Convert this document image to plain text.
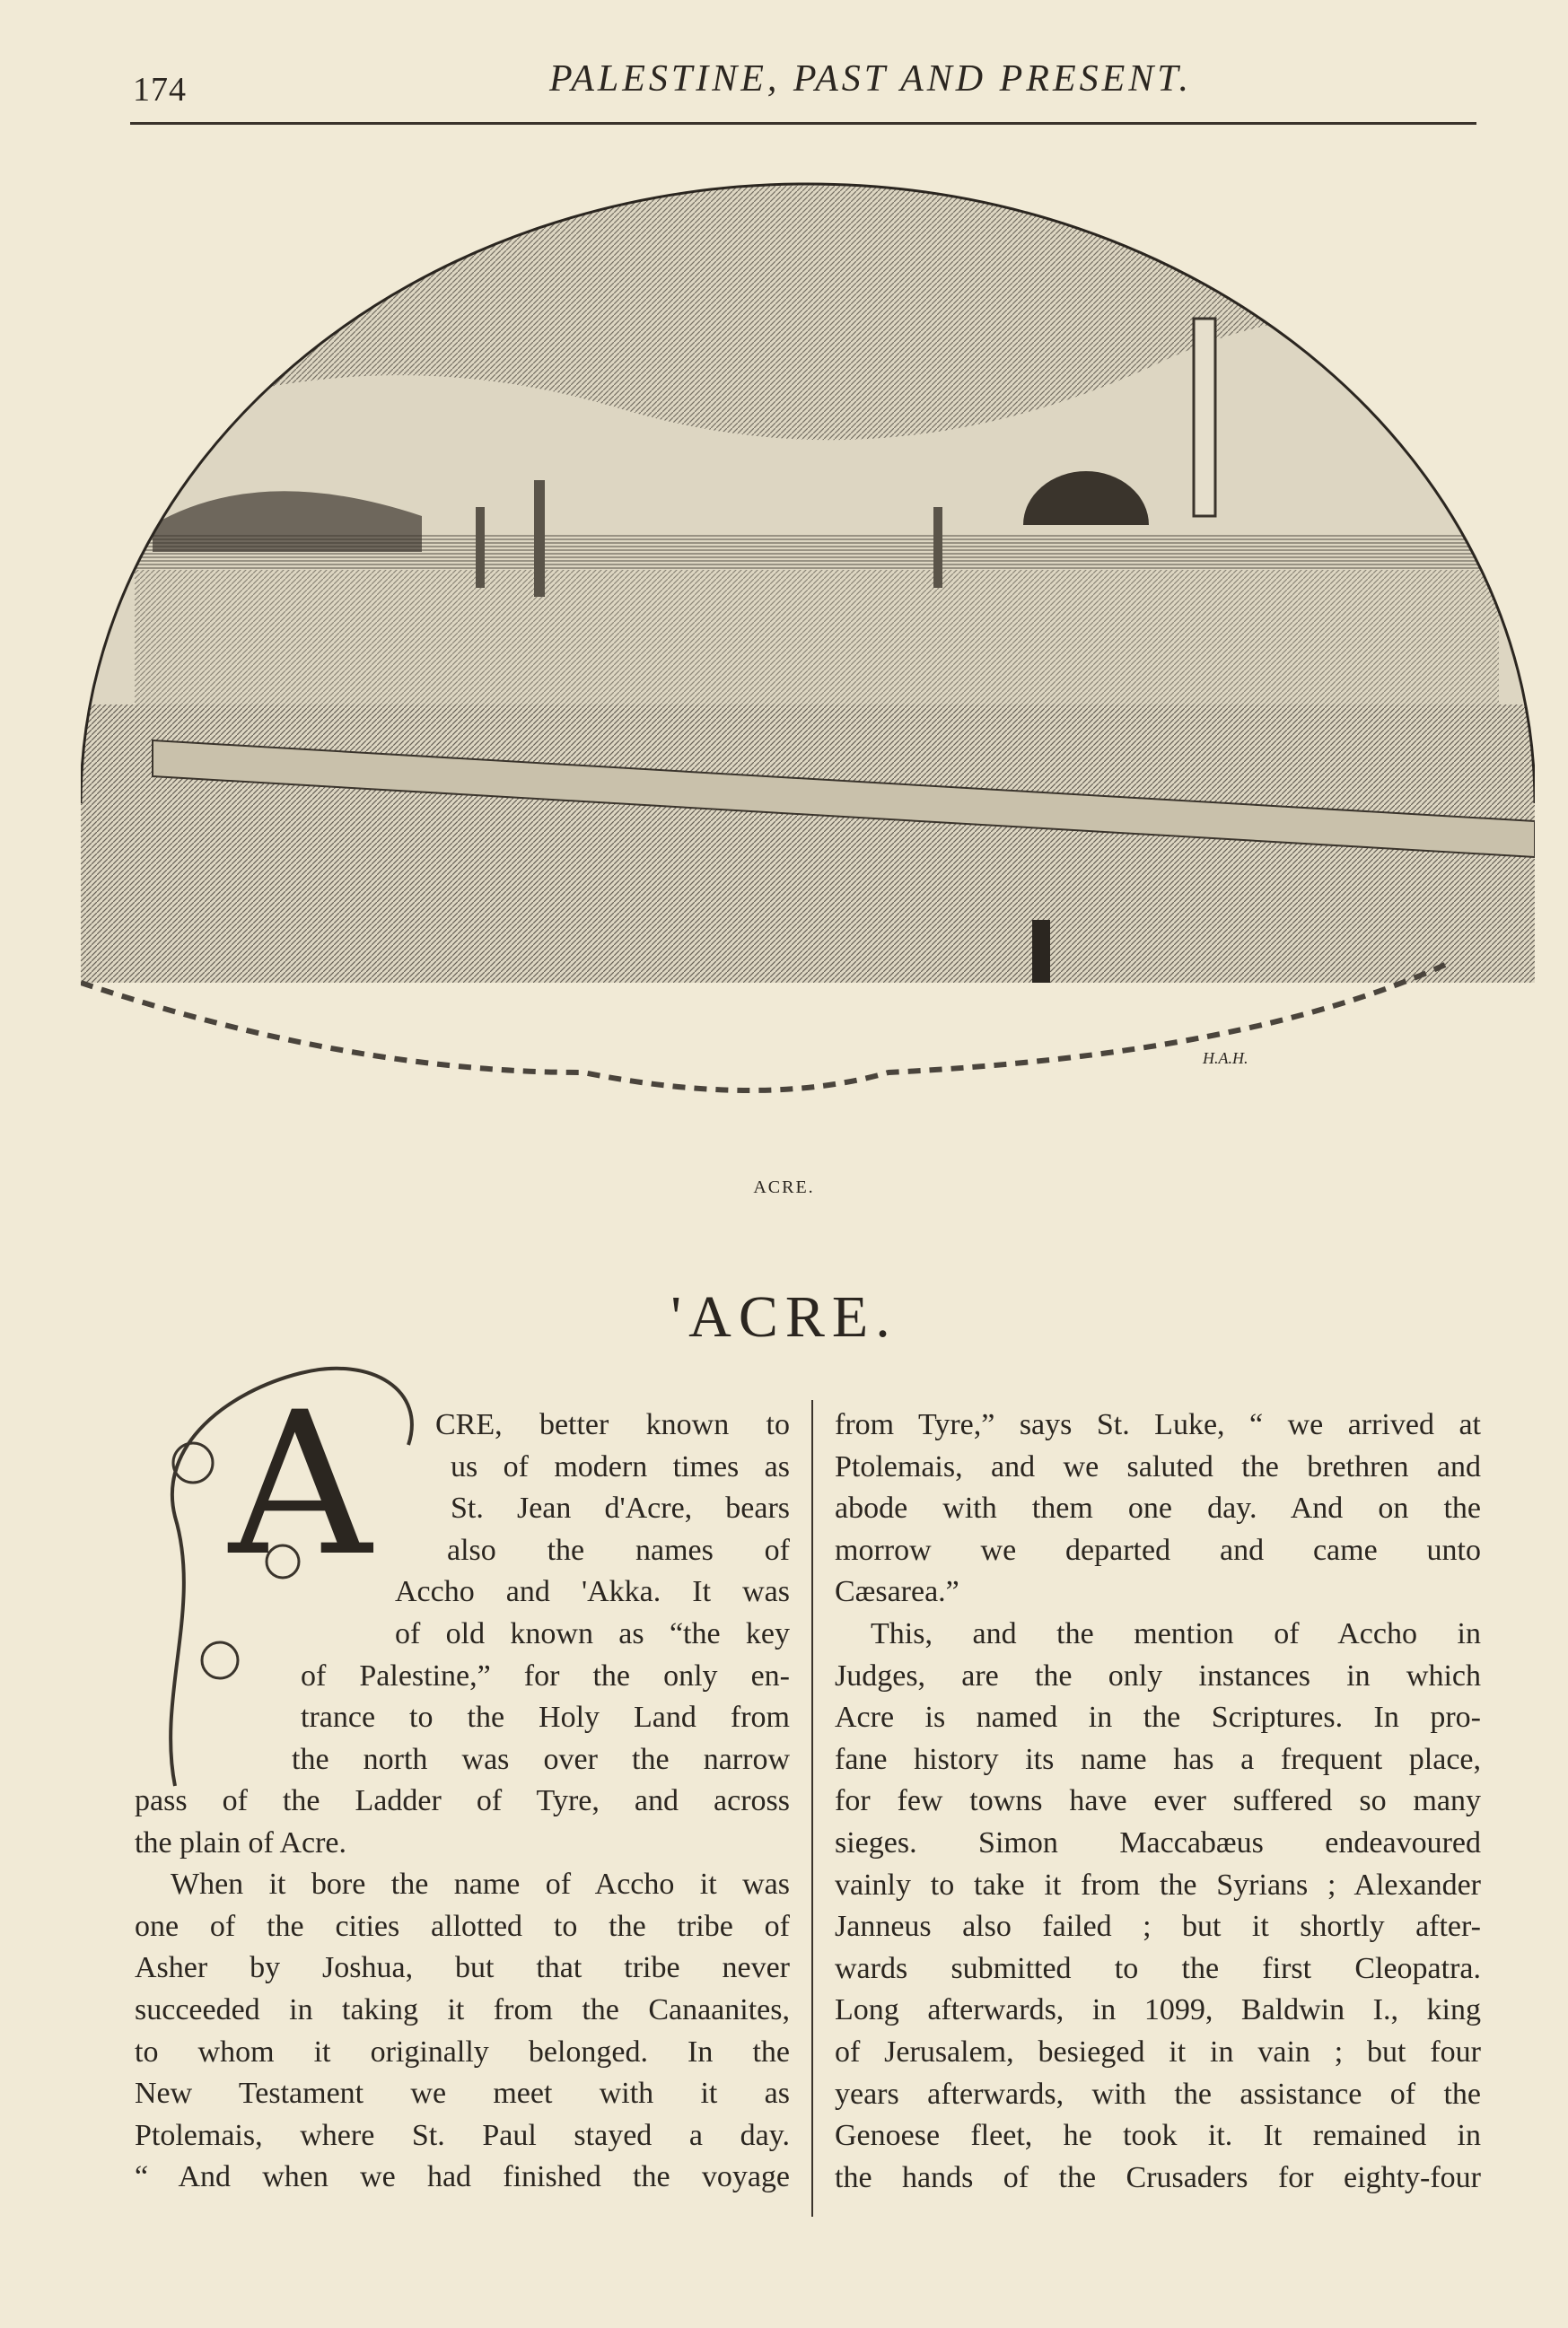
174	PALESTINE, PAST AND PRESENT.
H.A.H.
ACRE.
'ACRE.
A CRE, better known to
us of modern times as
St. Jean d'Acre, bears
also the names of
Accho and 'Akka. It was
of old known as “the key
of Palestine,” for the only en-
trance to the Holy Land from
the north was over the narrow
pass of the Ladder of Tyre, and across
the plain of Acre.
When it bore the name of Accho it was
one of the cities allotted to the tribe of
Asher by Joshua, but that tribe never
succeeded in taking it from the Canaanites,
to whom it originally belonged. In the
New Testament we meet with it as
Ptolemais, where St. Paul stayed a day.
“ And when we had finished the voyage
from Tyre,” says St. Luke, “ we arrived at
Ptolemais, and we saluted the brethren and
abode with them one day. And on the
morrow we departed and came unto
Cæsarea.”
This, and the mention of Accho in
Judges, are the only instances in which
Acre is named in the Scriptures. In pro-
fane history its name has a frequent place,
for few towns have ever suffered so many
sieges. Simon Maccabæus endeavoured
vainly to take it from the Syrians ; Alexander
Janneus also failed ; but it shortly after-
wards submitted to the first Cleopatra.
Long afterwards, in 1099, Baldwin I., king
of Jerusalem, besieged it in vain ; but four
years afterwards, with the assistance of the
Genoese fleet, he took it. It remained in
the hands of the Crusaders for eighty-four
